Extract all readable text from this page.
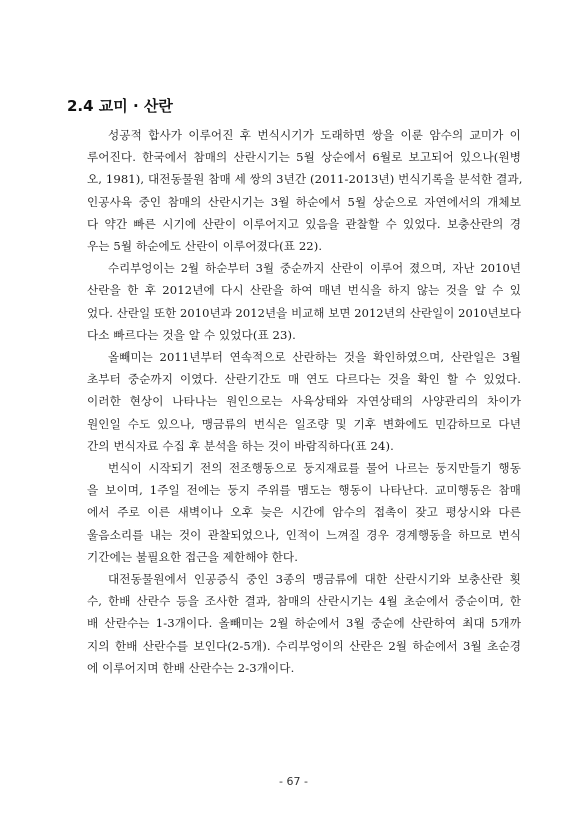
2.4 교미 · 산란

성공적 합사가 이루어진 후 번식시기가 도래하면 쌍을 이룬 암수의 교미가 이
루어진다. 한국에서 참매의 산란시기는 5월 상순에서 6월로 보고되어 있으나(원병
오, 1981), 대전동물원 참매 세 쌍의 3년간 (2011-2013년) 번식기록을 분석한 결과,
인공사육 중인 참매의 산란시기는 3월 하순에서 5월 상순으로 자연에서의 개체보
다 약간 빠른 시기에 산란이 이루어지고 있음을 관찰할 수 있었다. 보충산란의 경
우는 5월 하순에도 산란이 이루어졌다(표 22).

수리부엉이는 2월 하순부터 3월 중순까지 산란이 이루어 졌으며, 자난 2010년
산란을 한 후 2012년에 다시 산란을 하여 매년 번식을 하지 않는 것을 알 수 있
었다. 산란일 또한 2010년과 2012년을 비교해 보면 2012년의 산란일이 2010년보다
다소 빠르다는 것을 알 수 있었다(표 23).

올빼미는 2011년부터 연속적으로 산란하는 것을 확인하였으며, 산란일은 3월
초부터 중순까지 이였다. 산란기간도 매 연도 다르다는 것을 확인 할 수 있었다.
이러한 현상이 나타나는 원인으로는 사육상태와 자연상태의 사양관리의 차이가
원인일 수도 있으나, 맹금류의 번식은 일조량 및 기후 변화에도 민감하므로 다년
간의 번식자료 수집 후 분석을 하는 것이 바람직하다(표 24).

번식이 시작되기 전의 전조행동으로 둥지재료를 물어 나르는 둥지만들기 행동
을 보이며, 1주일 전에는 둥지 주위를 맴도는 행동이 나타난다. 교미행동은 참매
에서 주로 이른 새벽이나 오후 늦은 시간에 암수의 접촉이 잦고 평상시와 다른
울음소리를 내는 것이 관찰되었으나, 인적이 느껴질 경우 경계행동을 하므로 번식
기간에는 불필요한 접근을 제한해야 한다.

대전동물원에서 인공증식 중인 3종의 맹금류에 대한 산란시기와 보충산란 횟
수, 한배 산란수 등을 조사한 결과, 참매의 산란시기는 4월 초순에서 중순이며, 한
배 산란수는 1-3개이다. 올빼미는 2월 하순에서 3월 중순에 산란하여 최대 5개까
지의 한배 산란수를 보인다(2-5개). 수리부엉이의 산란은 2월 하순에서 3월 초순경
에 이루어지며 한배 산란수는 2-3개이다.

- 67 -
